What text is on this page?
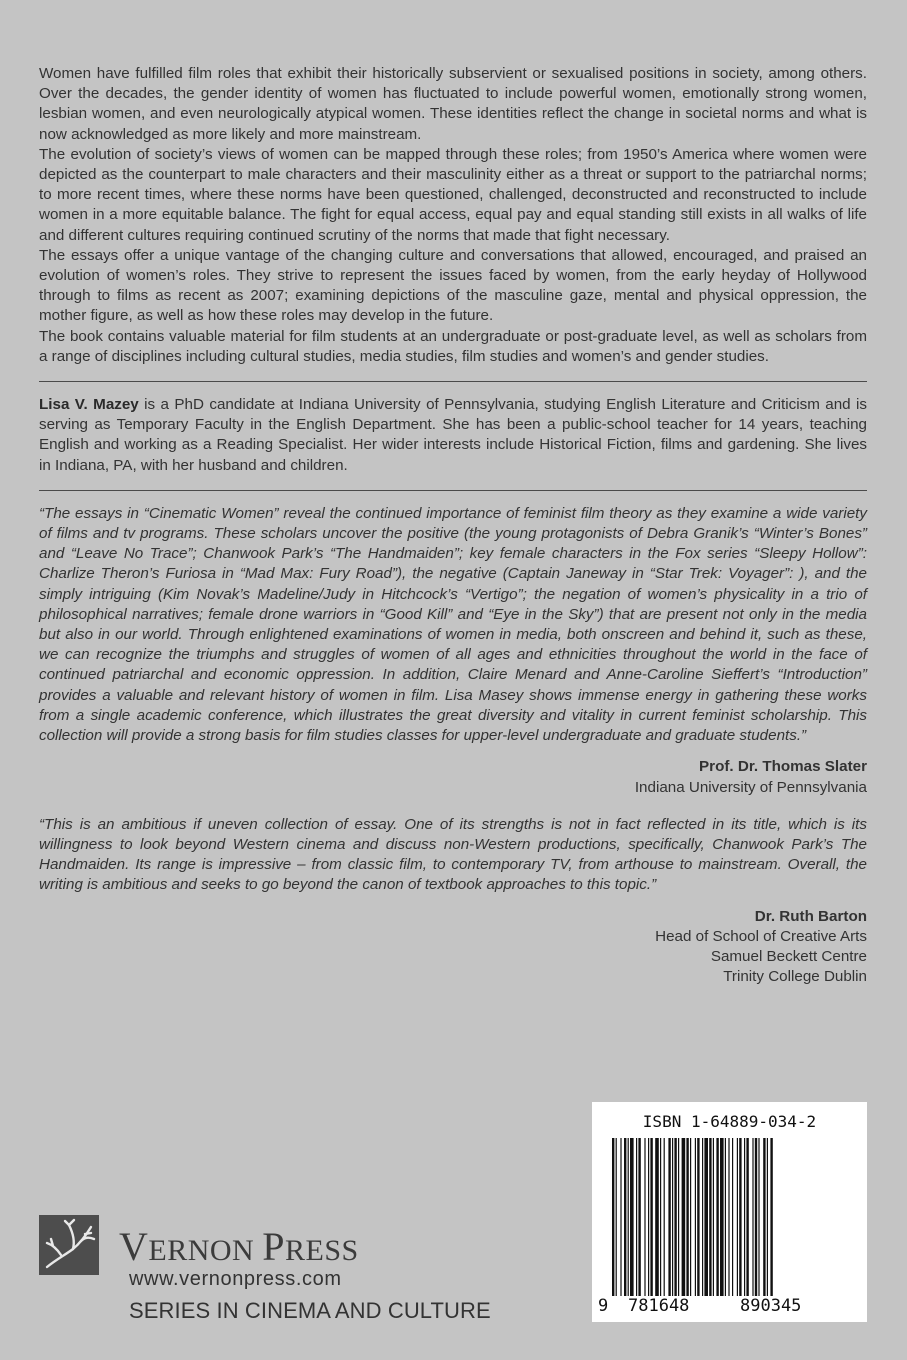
Women have fulfilled film roles that exhibit their historically subservient or sexualised positions in society, among others. Over the decades, the gender identity of women has fluctuated to include powerful women, emotionally strong women, lesbian women, and even neurologically atypical women. These identities reflect the change in societal norms and what is now acknowledged as more likely and more mainstream.

The evolution of society’s views of women can be mapped through these roles; from 1950’s America where women were depicted as the counterpart to male characters and their masculinity either as a threat or support to the patriarchal norms; to more recent times, where these norms have been questioned, challenged, deconstructed and reconstructed to include women in a more equitable balance. The fight for equal access, equal pay and equal standing still exists in all walks of life and different cultures requiring continued scrutiny of the norms that made that fight necessary.

The essays offer a unique vantage of the changing culture and conversations that allowed, encouraged, and praised an evolution of women’s roles. They strive to represent the issues faced by women, from the early heyday of Hollywood through to films as recent as 2007; examining depictions of the masculine gaze, mental and physical oppression, the mother figure, as well as how these roles may develop in the future.

The book contains valuable material for film students at an undergraduate or post-graduate level, as well as scholars from a range of disciplines including cultural studies, media studies, film studies and women’s and gender studies.

Lisa V. Mazey is a PhD candidate at Indiana University of Pennsylvania, studying English Literature and Criticism and is serving as Temporary Faculty in the English Department. She has been a public-school teacher for 14 years, teaching English and working as a Reading Specialist. Her wider interests include Historical Fiction, films and gardening. She lives in Indiana, PA, with her husband and children.

“The essays in “Cinematic Women” reveal the continued importance of feminist film theory as they examine a wide variety of films and tv programs. These scholars uncover the positive (the young protagonists of Debra Granik’s “Winter’s Bones” and “Leave No Trace”; Chanwook Park’s “The Handmaiden”; key female characters in the Fox series “Sleepy Hollow”: Charlize Theron’s Furiosa in “Mad Max: Fury Road”), the negative (Captain Janeway in “Star Trek: Voyager”: ), and the simply intriguing (Kim Novak’s Madeline/Judy in Hitchcock’s “Vertigo”; the negation of women’s physicality in a trio of philosophical narratives; female drone warriors in “Good Kill” and “Eye in the Sky”) that are present not only in the media but also in our world. Through enlightened examinations of women in media, both onscreen and behind it, such as these, we can recognize the triumphs and struggles of women of all ages and ethnicities throughout the world in the face of continued patriarchal and economic oppression. In addition, Claire Menard and Anne-Caroline Sieffert’s “Introduction” provides a valuable and relevant history of women in film. Lisa Masey shows immense energy in gathering these works from a single academic conference, which illustrates the great diversity and vitality in current feminist scholarship. This collection will provide a strong basis for film studies classes for upper-level undergraduate and graduate students.”

Prof. Dr. Thomas Slater
Indiana University of Pennsylvania

“This is an ambitious if uneven collection of essay. One of its strengths is not in fact reflected in its title, which is its willingness to look beyond Western cinema and discuss non-Western productions, specifically, Chanwook Park’s The Handmaiden. Its range is impressive – from classic film, to contemporary TV, from arthouse to mainstream. Overall, the writing is ambitious and seeks to go beyond the canon of textbook approaches to this topic.”

Dr. Ruth Barton
Head of School of Creative Arts
Samuel Beckett Centre
Trinity College Dublin
ISBN 1-64889-034-2
9 781648	890345
VERNON PRESS
www.vernonpress.com
SERIES IN CINEMA AND CULTURE
